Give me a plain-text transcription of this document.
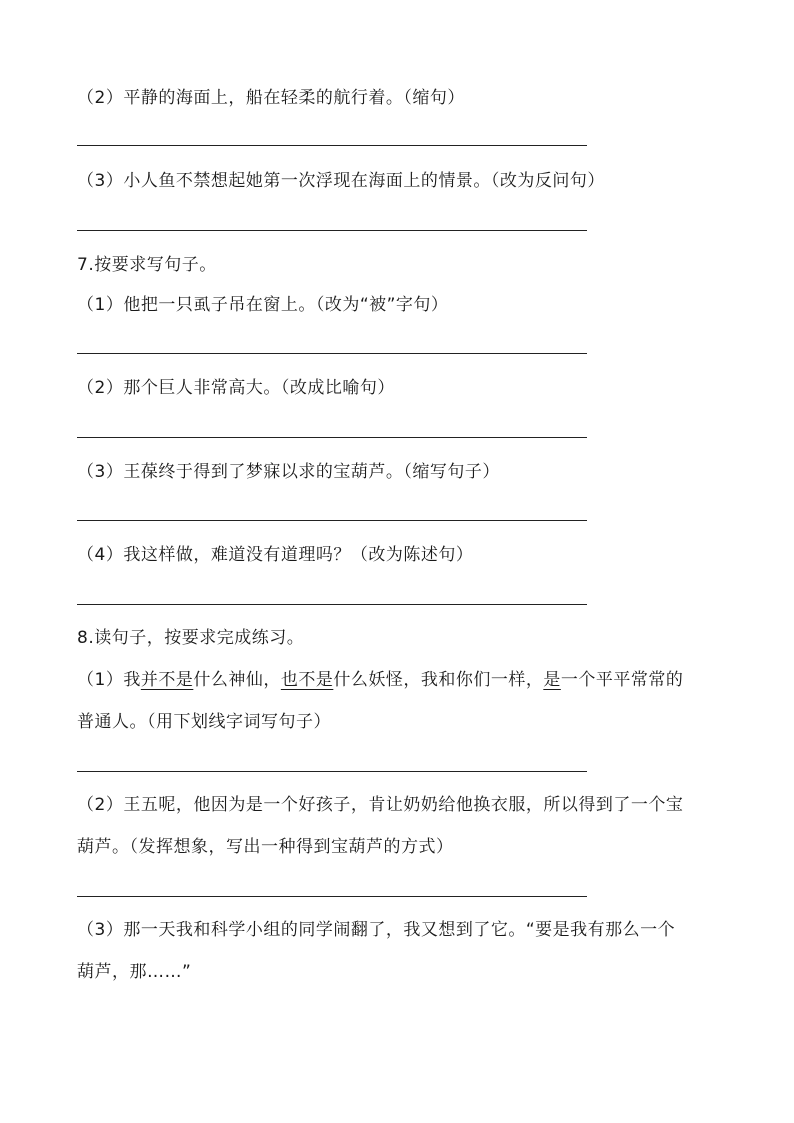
（2）平静的海面上，船在轻柔的航行着。（缩句）
（3）小人鱼不禁想起她第一次浮现在海面上的情景。（改为反问句）
7.按要求写句子。
（1）他把一只虱子吊在窗上。（改为“被”字句）
（2）那个巨人非常高大。（改成比喻句）
（3）王葆终于得到了梦寐以求的宝葫芦。（缩写句子）
（4）我这样做，难道没有道理吗？（改为陈述句）
8.读句子，按要求完成练习。
（1）我并不是什么神仙，也不是什么妖怪，我和你们一样，是一个平平常常的
普通人。（用下划线字词写句子）
（2）王五呢，他因为是一个好孩子，肯让奶奶给他换衣服，所以得到了一个宝
葫芦。（发挥想象，写出一种得到宝葫芦的方式）
（3）那一天我和科学小组的同学闹翻了，我又想到了它。“要是我有那么一个
葫芦，那……”
